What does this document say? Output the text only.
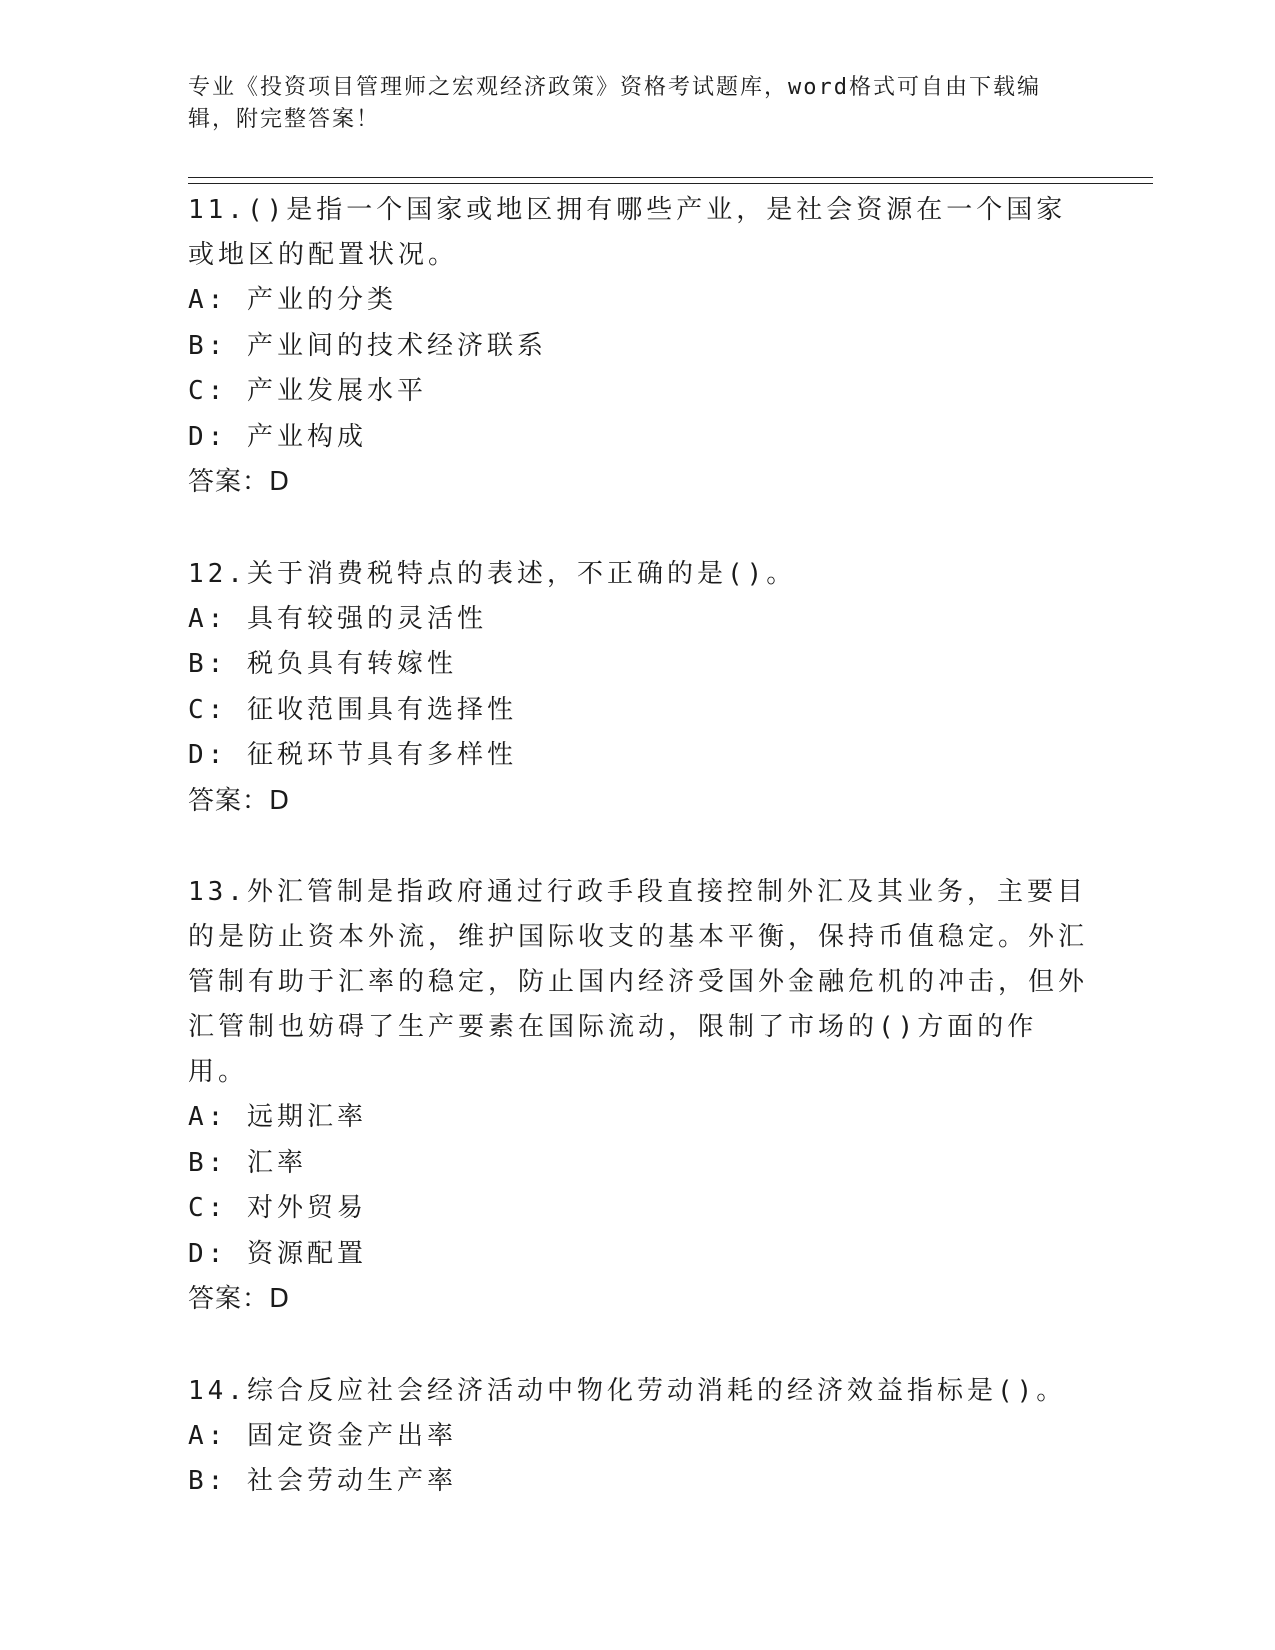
专业《投资项目管理师之宏观经济政策》资格考试题库，word格式可自由下载编辑，附完整答案！

11.()是指一个国家或地区拥有哪些产业，是社会资源在一个国家或地区的配置状况。

A: 产业的分类

B: 产业间的技术经济联系

C: 产业发展水平

D: 产业构成

答案：D

12.关于消费税特点的表述，不正确的是()。

A: 具有较强的灵活性

B: 税负具有转嫁性

C: 征收范围具有选择性

D: 征税环节具有多样性

答案：D

13.外汇管制是指政府通过行政手段直接控制外汇及其业务，主要目的是防止资本外流，维护国际收支的基本平衡，保持币值稳定。外汇管制有助于汇率的稳定，防止国内经济受国外金融危机的冲击，但外汇管制也妨碍了生产要素在国际流动，限制了市场的()方面的作用。

A: 远期汇率

B: 汇率

C: 对外贸易

D: 资源配置

答案：D

14.综合反应社会经济活动中物化劳动消耗的经济效益指标是()。

A: 固定资金产出率

B: 社会劳动生产率
